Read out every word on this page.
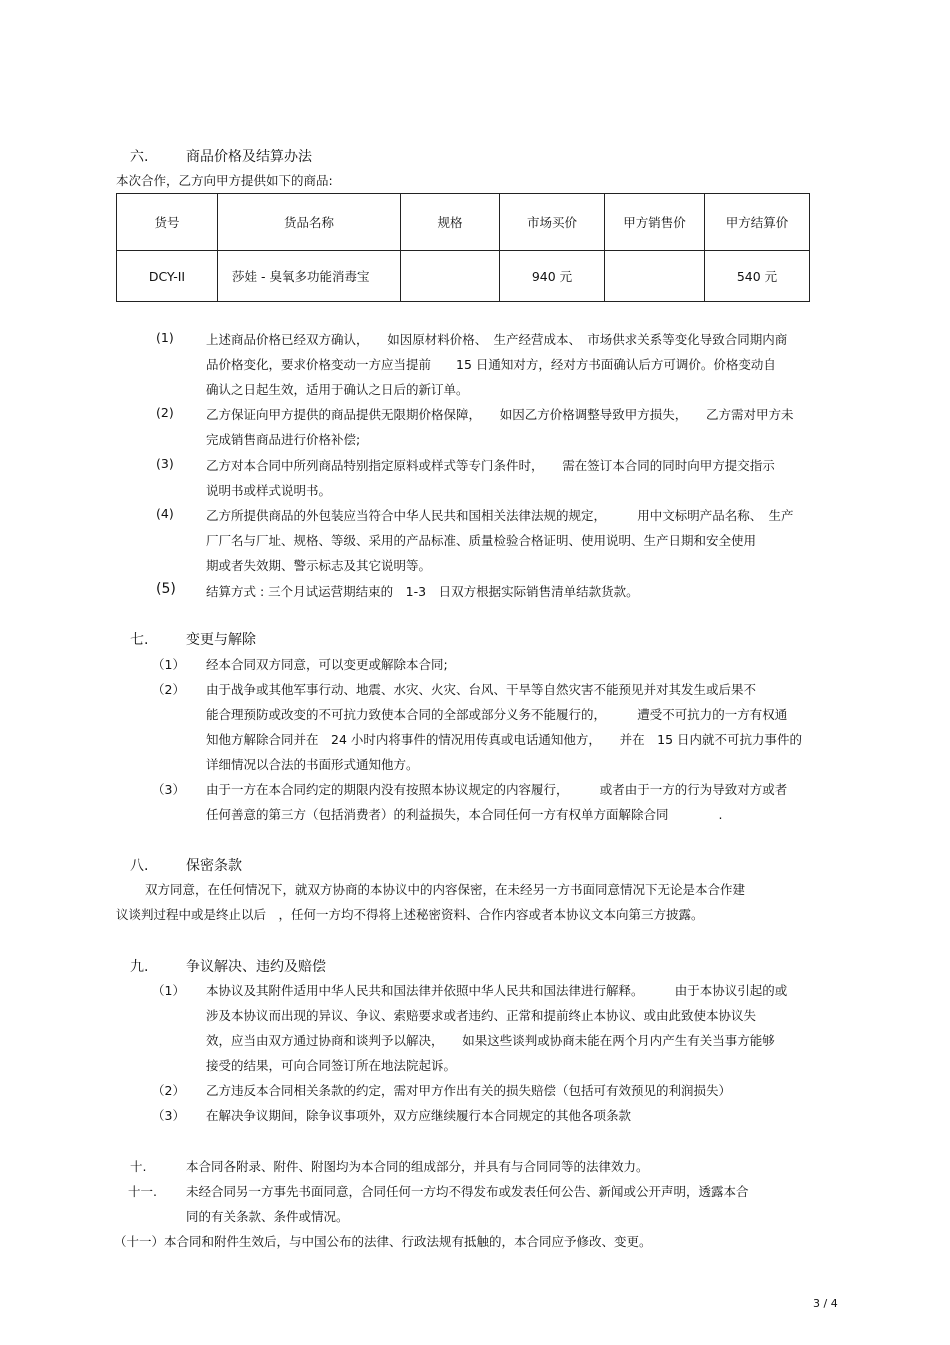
六.	商品价格及结算办法
本次合作，乙方向甲方提供如下的商品:
货号	货品名称	规格	市场买价	甲方销售价	甲方结算价
DCY-II	莎娃 - 臭氧多功能消毒宝		940 元		540 元
(1)	上述商品价格已经双方确认，　　如因原材料价格、　生产经营成本、　市场供求关系等变化导致合同期内商
品价格变化，要求价格变动一方应当提前　　15 日通知对方，经对方书面确认后方可调价。价格变动自
确认之日起生效，适用于确认之日后的新订单。
(2)	乙方保证向甲方提供的商品提供无限期价格保障，　　如因乙方价格调整导致甲方损失，　　乙方需对甲方未
完成销售商品进行价格补偿;
(3)	乙方对本合同中所列商品特别指定原料或样式等专门条件时，　　需在签订本合同的同时向甲方提交指示
说明书或样式说明书。
(4)	乙方所提供商品的外包装应当符合中华人民共和国相关法律法规的规定，　　　用中文标明产品名称、　生产
厂厂名与厂址、规格、等级、采用的产品标准、质量检验合格证明、使用说明、生产日期和安全使用
期或者失效期、警示标志及其它说明等。
(5) 结算方式 : 三个月试运营期结束的　1-3　日双方根据实际销售清单结款货款。
七.	变更与解除
（1） 经本合同双方同意，可以变更或解除本合同;
（2） 由于战争或其他军事行动、地震、水灾、火灾、台风、干旱等自然灾害不能预见并对其发生或后果不
能合理预防或改变的不可抗力致使本合同的全部或部分义务不能履行的，　　　遭受不可抗力的一方有权通
知他方解除合同并在　24 小时内将事件的情况用传真或电话通知他方，　　并在　15 日内就不可抗力事件的
详细情况以合法的书面形式通知他方。
（3） 由于一方在本合同约定的期限内没有按照本协议规定的内容履行，　　　或者由于一方的行为导致对方或者
任何善意的第三方（包括消费者）的利益损失，本合同任何一方有权单方面解除合同　　　　.
八.	保密条款
双方同意，在任何情况下，就双方协商的本协议中的内容保密，在未经另一方书面同意情况下无论是本合作建
议谈判过程中或是终止以后　，任何一方均不得将上述秘密资料、合作内容或者本协议文本向第三方披露。
九.	争议解决、违约及赔偿
（1） 本协议及其附件适用中华人民共和国法律并依照中华人民共和国法律进行解释。　　　由于本协议引起的或
涉及本协议而出现的异议、争议、索赔要求或者违约、正常和提前终止本协议、或由此致使本协议失
效，应当由双方通过协商和谈判予以解决，　　如果这些谈判或协商未能在两个月内产生有关当事方能够
接受的结果，可向合同签订所在地法院起诉。
（2） 乙方违反本合同相关条款的约定，需对甲方作出有关的损失赔偿（包括可有效预见的利润损失）
（3） 在解决争议期间，除争议事项外，双方应继续履行本合同规定的其他各项条款
十.	本合同各附录、附件、附图均为本合同的组成部分，并具有与合同同等的法律效力。
十一. 未经合同另一方事先书面同意，合同任何一方均不得发布或发表任何公告、新闻或公开声明，透露本合
同的有关条款、条件或情况。
（十一）本合同和附件生效后，与中国公布的法律、行政法规有抵触的，本合同应予修改、变更。
3 / 4
